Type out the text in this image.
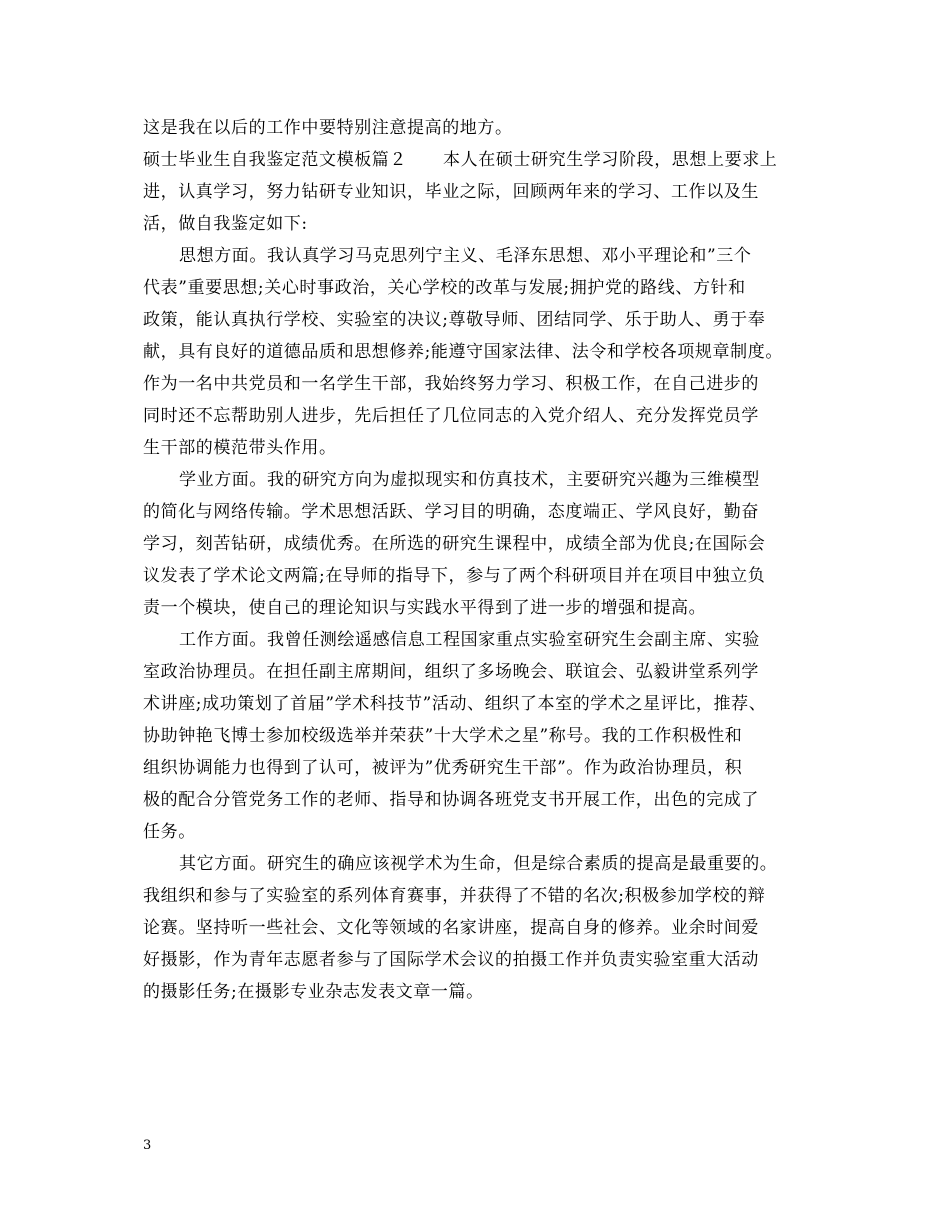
这是我在以后的工作中要特别注意提高的地方。
硕士毕业生自我鉴定范文模板篇２ 本人在硕士研究生学习阶段，思想上要求上
进，认真学习，努力钻研专业知识，毕业之际，回顾两年来的学习、工作以及生
活，做自我鉴定如下:
思想方面。我认真学习马克思列宁主义、毛泽东思想、邓小平理论和”三个
代表”重要思想;关心时事政治，关心学校的改革与发展;拥护党的路线、方针和
政策，能认真执行学校、实验室的决议;尊敬导师、团结同学、乐于助人、勇于奉
献，具有良好的道德品质和思想修养;能遵守国家法律、法令和学校各项规章制度。
作为一名中共党员和一名学生干部，我始终努力学习、积极工作，在自己进步的
同时还不忘帮助别人进步，先后担任了几位同志的入党介绍人、充分发挥党员学
生干部的模范带头作用。
学业方面。我的研究方向为虚拟现实和仿真技术，主要研究兴趣为三维模型
的简化与网络传输。学术思想活跃、学习目的明确，态度端正、学风良好，勤奋
学习，刻苦钻研，成绩优秀。在所选的研究生课程中，成绩全部为优良;在国际会
议发表了学术论文两篇;在导师的指导下，参与了两个科研项目并在项目中独立负
责一个模块，使自己的理论知识与实践水平得到了进一步的增强和提高。
工作方面。我曾任测绘遥感信息工程国家重点实验室研究生会副主席、实验
室政治协理员。在担任副主席期间，组织了多场晚会、联谊会、弘毅讲堂系列学
术讲座;成功策划了首届”学术科技节”活动、组织了本室的学术之星评比，推荐、
协助钟艳飞博士参加校级选举并荣获”十大学术之星”称号。我的工作积极性和
组织协调能力也得到了认可，被评为”优秀研究生干部”。作为政治协理员，积
极的配合分管党务工作的老师、指导和协调各班党支书开展工作，出色的完成了
任务。
其它方面。研究生的确应该视学术为生命，但是综合素质的提高是最重要的。
我组织和参与了实验室的系列体育赛事，并获得了不错的名次;积极参加学校的辩
论赛。坚持听一些社会、文化等领域的名家讲座，提高自身的修养。业余时间爱
好摄影，作为青年志愿者参与了国际学术会议的拍摄工作并负责实验室重大活动
的摄影任务;在摄影专业杂志发表文章一篇。
3
